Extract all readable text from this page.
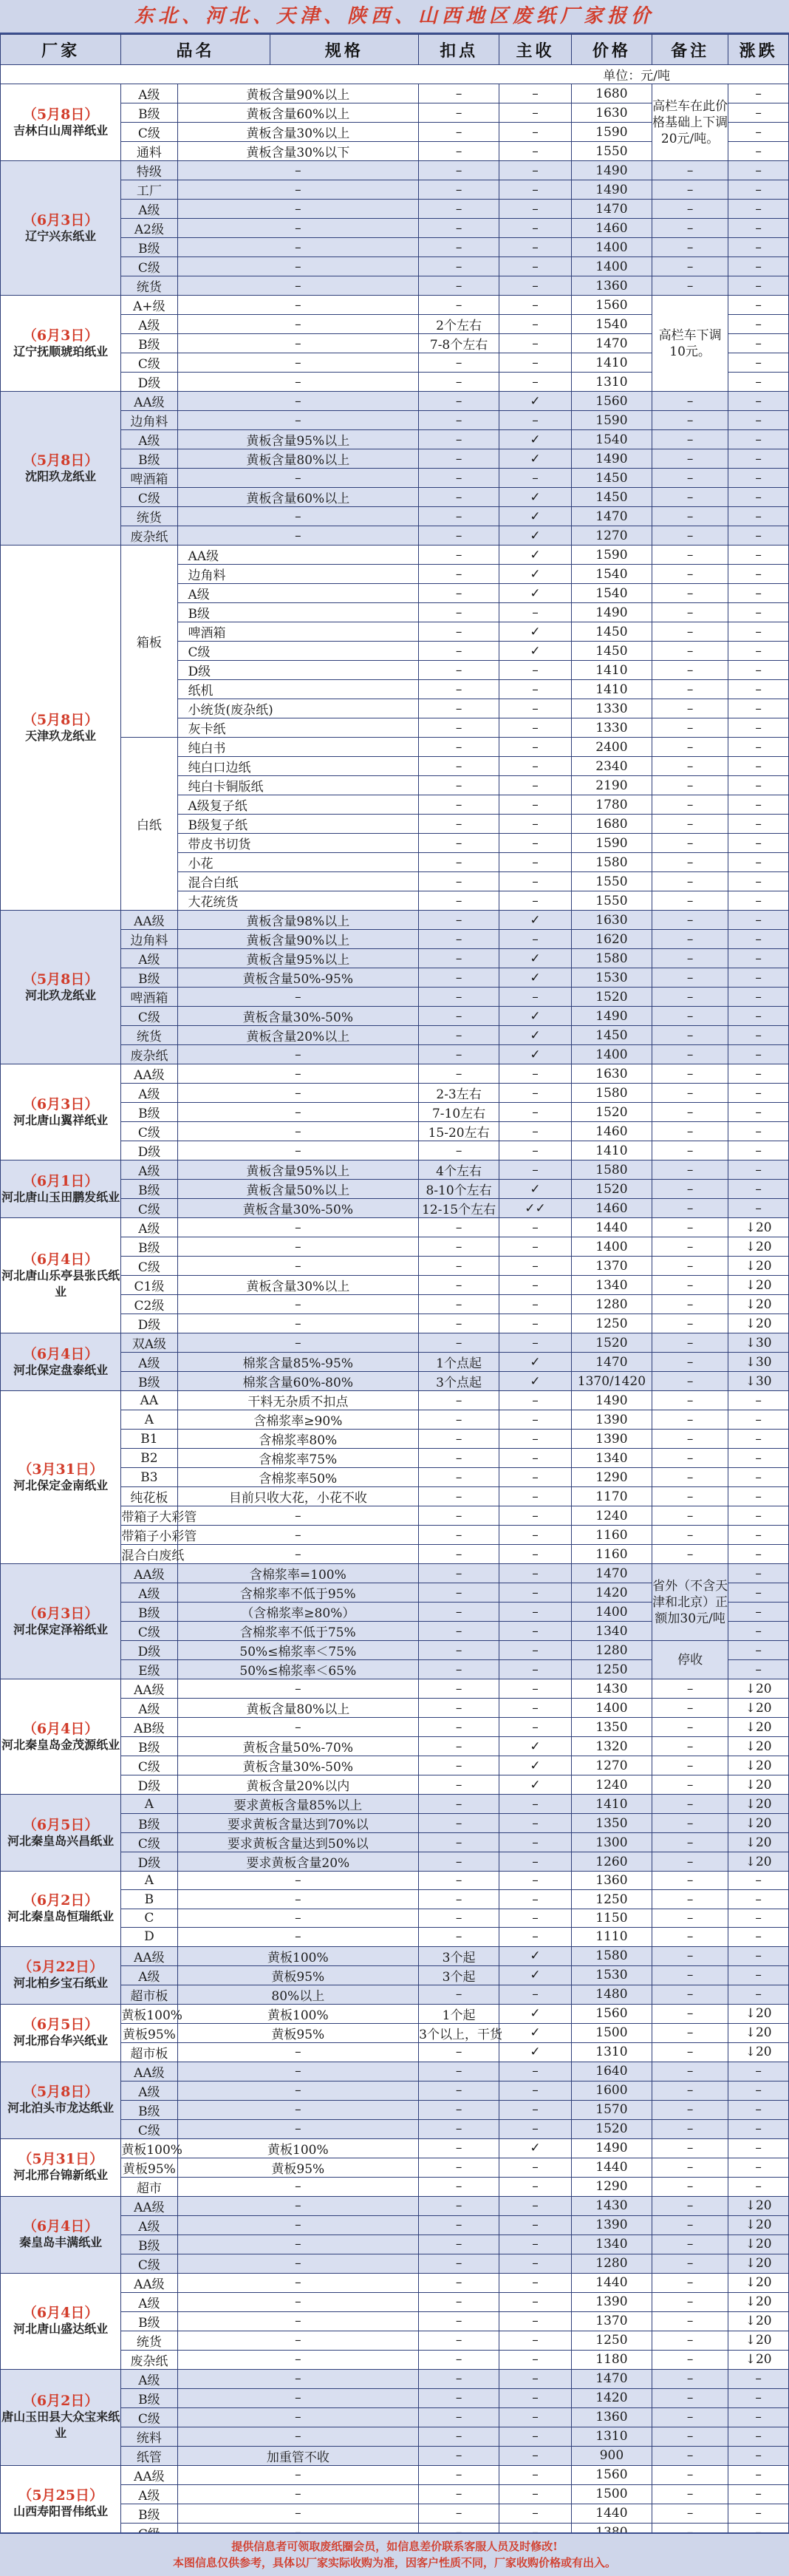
东北、河北、天津、陕西、山西地区废纸厂家报价
厂家	品名		规格	扣点	主收	价格	备注	涨跌
单位：元/吨								

（5月8日）
吉林白山周祥纸业	A级	黄板含量90%以上		–	–	1680	高栏车在此价格基础上下调20元/吨。	–
	B级	黄板含量60%以上		–	–	1630		–
	C级	黄板含量30%以上		–	–	1590		–
	通料	黄板含量30%以下		–	–	1550		–

（6月3日）
辽宁兴东纸业	特级	–		–	–	1490	–	–
	工厂	–		–	–	1490	–	–
	A级	–		–	–	1470	–	–
	A2级	–		–	–	1460	–	–
	B级	–		–	–	1400	–	–
	C级	–		–	–	1400	–	–
	统货	–		–	–	1360	–	–

（6月3日）
辽宁抚顺琥珀纸业	A+级	–		–	–	1560	高栏车下调10元。	–
	A级	–		2个左右	–	1540		–
	B级	–		7-8个左右	–	1470		–
	C级	–		–	–	1410		–
	D级	–		–	–	1310		–

（5月8日）
沈阳玖龙纸业	AA级	–		–	✓	1560	–	–
	边角料	–		–	–	1590	–	–
	A级	黄板含量95%以上		–	✓	1540	–	–
	B级	黄板含量80%以上		–	✓	1490	–	–
	啤酒箱	–		–	–	1450	–	–
	C级	黄板含量60%以上		–	✓	1450	–	–
	统货	–		–	✓	1470	–	–
	废杂纸	–		–	✓	1270	–	–

（5月8日）
天津玖龙纸业	箱板	AA级		–	✓	1590	–	–
		边角料		–	✓	1540	–	–
		A级		–	✓	1540	–	–
		B级		–	–	1490	–	–
		啤酒箱		–	✓	1450	–	–
		C级		–	✓	1450	–	–
		D级		–	–	1410	–	–
		纸机		–	–	1410	–	–
		小统货(废杂纸)		–	–	1330	–	–
		灰卡纸		–	–	1330	–	–
	白纸	纯白书		–	–	2400	–	–
		纯白口边纸		–	–	2340	–	–
		纯白卡铜版纸		–	–	2190	–	–
		A级复子纸		–	–	1780	–	–
		B级复子纸		–	–	1680	–	–
		带皮书切货		–	–	1590	–	–
		小花		–	–	1580	–	–
		混合白纸		–	–	1550	–	–
		大花统货		–	–	1550	–	–

（5月8日）
河北玖龙纸业	AA级	黄板含量98%以上		–	✓	1630	–	–
	边角料	黄板含量90%以上		–	–	1620	–	–
	A级	黄板含量95%以上		–	✓	1580	–	–
	B级	黄板含量50%-95%		–	✓	1530	–	–
	啤酒箱	–		–	–	1520	–	–
	C级	黄板含量30%-50%		–	✓	1490	–	–
	统货	黄板含量20%以上		–	✓	1450	–	–
	废杂纸	–		–	✓	1400	–	–

（6月3日）
河北唐山翼祥纸业	AA级	–		–	–	1630	–	–
	A级	–		2-3左右	–	1580	–	–
	B级	–		7-10左右	–	1520	–	–
	C级	–		15-20左右	–	1460	–	–
	D级	–		–	–	1410	–	–

（6月1日）
河北唐山玉田鹏发纸业	A级	黄板含量95%以上		4个左右	–	1580	–	–
	B级	黄板含量50%以上		8-10个左右	✓	1520	–	–
	C级	黄板含量30%-50%		12-15个左右	✓✓	1460	–	–

（6月4日）
河北唐山乐亭县张氏纸业	A级	–		–	–	1440	–	↓20
	B级	–		–	–	1400	–	↓20
	C级	–		–	–	1370	–	↓20
	C1级	黄板含量30%以上		–	–	1340	–	↓20
	C2级	–		–	–	1280	–	↓20
	D级	–		–	–	1250	–	↓20

（6月4日）
河北保定盘泰纸业	双A级	–		–	–	1520	–	↓30
	A级	棉浆含量85%-95%		1个点起	✓	1470	–	↓30
	B级	棉浆含量60%-80%		3个点起	✓	1370/1420	–	↓30

（3月31日）
河北保定金南纸业	AA	干料无杂质不扣点		–	–	1490	–	–
	A	含棉浆率≥90%		–	–	1390	–	–
	B1	含棉浆率80%		–	–	1390	–	–
	B2	含棉浆率75%		–	–	1340	–	–
	B3	含棉浆率50%		–	–	1290	–	–
	纯花板	目前只收大花，小花不收		–	–	1170	–	–
	带箱子大彩管	–		–	–	1240	–	–
	带箱子小彩管	–		–	–	1160	–	–
	混合白废纸	–		–	–	1160	–	–

（6月3日）
河北保定泽裕纸业	AA级	含棉浆率=100%		–	–	1470	省外（不含天津和北京）正额加30元/吨	–
	A级	含棉浆率不低于95%		–	–	1420		–
	B级	（含棉浆率≥80%）		–	–	1400		–
	C级	含棉浆率不低于75%		–	–	1340		–
	D级	50%≤棉浆率＜75%		–	–	1280	停收	–
	E级	50%≤棉浆率＜65%		–	–	1250		–

（6月4日）
河北秦皇岛金茂源纸业	AA级	–		–	–	1430	–	↓20
	A级	黄板含量80%以上		–	–	1400	–	↓20
	AB级	–		–	–	1350	–	↓20
	B级	黄板含量50%-70%		–	✓	1320	–	↓20
	C级	黄板含量30%-50%		–	✓	1270	–	↓20
	D级	黄板含量20%以内		–	✓	1240	–	↓20

（6月5日）
河北秦皇岛兴昌纸业	A	要求黄板含量85%以上		–	–	1410	–	↓20
	B级	要求黄板含量达到70%以		–	–	1350	–	↓20
	C级	要求黄板含量达到50%以		–	–	1300	–	↓20
	D级	要求黄板含量20%		–	–	1260	–	↓20

（6月2日）
河北秦皇岛恒瑞纸业	A	–		–	–	1360	–	–
	B	–		–	–	1250	–	–
	C	–		–	–	1150	–	–
	D	–		–	–	1110	–	–

（5月22日）
河北柏乡宝石纸业	AA级	黄板100%		3个起	✓	1580	–	–
	A级	黄板95%		3个起	✓	1530	–	–
	超市板	80%以上		–	–	1480	–	–

（6月5日）
河北邢台华兴纸业	黄板100%	黄板100%		1个起	✓	1560	–	↓20
	黄板95%	黄板95%		3个以上，干货	✓	1500	–	↓20
	超市板	–		–	✓	1310	–	↓20

（5月8日）
河北泊头市龙达纸业	AA级	–		–	–	1640	–	–
	A级	–		–	–	1600	–	–
	B级	–		–	–	1570	–	–
	C级	–		–	–	1520	–	–

（5月31日）
河北邢台锦新纸业	黄板100%	黄板100%		–	✓	1490	–	–
	黄板95%	黄板95%		–	–	1440	–	–
	超市	–		–	–	1290	–	–

（6月4日）
秦皇岛丰满纸业	AA级	–		–	–	1430	–	↓20
	A级	–		–	–	1390	–	↓20
	B级	–		–	–	1340	–	↓20
	C级	–		–	–	1280	–	↓20

（6月4日）
河北唐山盛达纸业	AA级	–		–	–	1440	–	↓20
	A级	–		–	–	1390	–	↓20
	B级	–		–	–	1370	–	↓20
	统货	–		–	–	1250	–	↓20
	废杂纸	–		–	–	1180	–	↓20

（6月2日）
唐山玉田县大众宝来纸业	A级	–		–	–	1470	–	–
	B级	–		–	–	1420	–	–
	C级	–		–	–	1360	–	–
	统料	–		–	–	1310	–	–
	纸管	加重管不收		–	–	900	–	–

（5月25日）
山西寿阳晋伟纸业	AA级	–		–	–	1560	–	–
	A级	–		–	–	1500	–	–
	B级	–		–	–	1440	–	–

提供信息者可领取废纸圈会员，如信息差价联系客服人员及时修改!
本图信息仅供参考，具体以厂家实际收购为准，因客户性质不同，厂家收购价格或有出入。
